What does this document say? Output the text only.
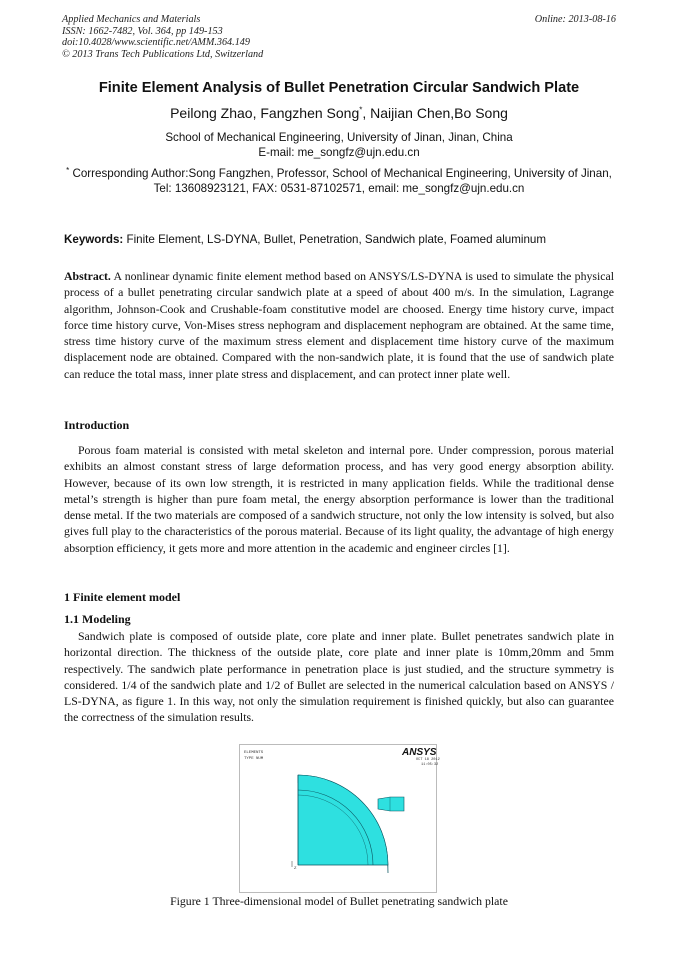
Applied Mechanics and Materials
ISSN: 1662-7482, Vol. 364, pp 149-153
doi:10.4028/www.scientific.net/AMM.364.149
© 2013 Trans Tech Publications Ltd, Switzerland
Online: 2013-08-16
Finite Element Analysis of Bullet Penetration Circular Sandwich Plate
Peilong Zhao, Fangzhen Song*, Naijian Chen,Bo Song
School of Mechanical Engineering, University of Jinan, Jinan, China
E-mail: me_songfz@ujn.edu.cn
* Corresponding Author:Song Fangzhen, Professor, School of Mechanical Engineering, University of Jinan,
Tel: 13608923121, FAX: 0531-87102571, email: me_songfz@ujn.edu.cn
Keywords: Finite Element, LS-DYNA, Bullet, Penetration, Sandwich plate, Foamed aluminum
Abstract. A nonlinear dynamic finite element method based on ANSYS/LS-DYNA is used to simulate the physical process of a bullet penetrating circular sandwich plate at a speed of about 400 m/s. In the simulation, Lagrange algorithm, Johnson-Cook and Crushable-foam constitutive model are choosed. Energy time history curve, impact force time history curve, Von-Mises stress nephogram and displacement nephogram are obtained. At the same time, stress time history curve of the maximum stress element and displacement time history curve of the maximum displacement node are obtained. Compared with the non-sandwich plate, it is found that the use of sandwich plate can reduce the total mass, inner plate stress and displacement, and can protect inner plate well.
Introduction
Porous foam material is consisted with metal skeleton and internal pore. Under compression, porous material exhibits an almost constant stress of large deformation process, and has very good energy absorption ability. However, because of its own low strength, it is restricted in many application fields. While the traditional dense metal’s strength is higher than pure foam metal, the energy absorption performance is lower than the traditional dense metal. If the two materials are composed of a sandwich structure, not only the low intensity is solved, but also gives full play to the characteristics of the porous material. Because of its light quality, the advantage of high energy absorption efficiency, it gets more and more attention in the academic and engineer circles [1].
1 Finite element model
1.1 Modeling
Sandwich plate is composed of outside plate, core plate and inner plate. Bullet penetrates sandwich plate in horizontal direction. The thickness of the outside plate, core plate and inner plate is 10mm,20mm and 5mm respectively. The sandwich plate performance in penetration place is just studied, and the structure symmetry is considered. 1/4 of the sandwich plate and 1/2 of Bullet are selected in the numerical calculation based on ANSYS / LS-DYNA, as figure 1. In this way, not only the simulation requirement is finished quickly, but also can guarantee the correctness of the simulation results.
ELEMENTS
TYPE NUM
ANSYS
OCT 18 2012
11:05:32
Z
Figure 1 Three-dimensional model of Bullet penetrating sandwich plate
